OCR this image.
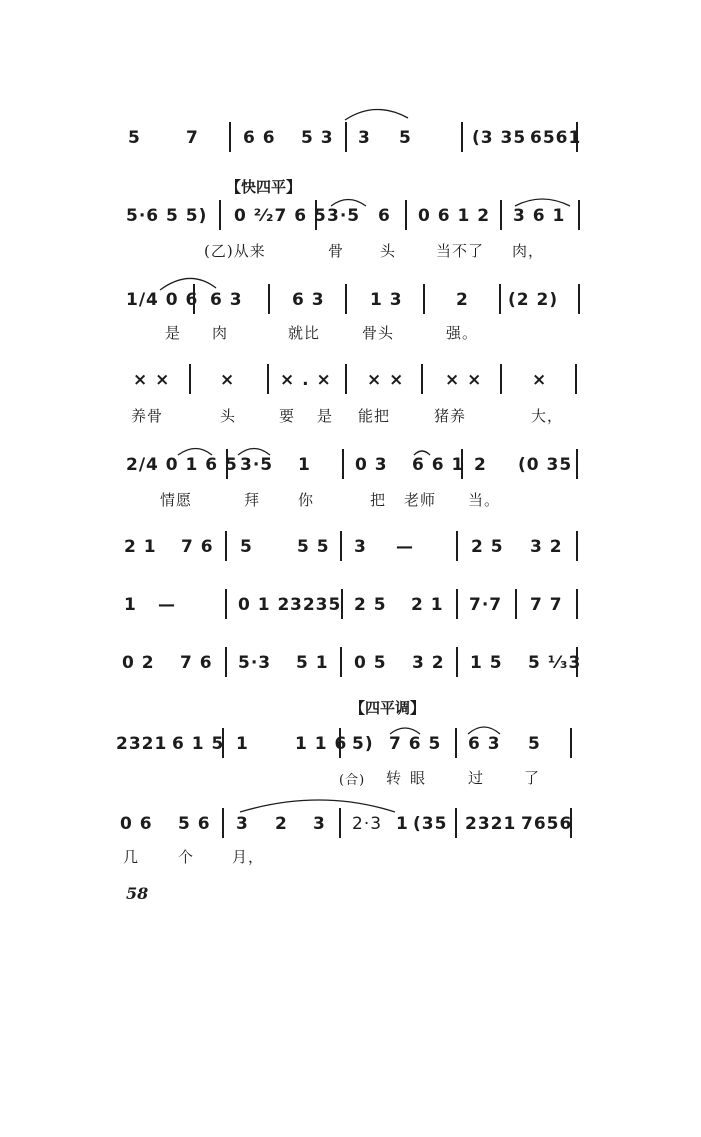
5	7	6 6 5 3 3 5	(3 35 6561
【快四平】
5·6 5 5) 0 ²⁄₂7 6 5 3·5 6 0 6 1 2 3 6 1
(乙)从来	骨 头	当不了 肉，
1/4 0 6 6 3	6 3	1 3	2 (2 2)
是 肉	就比	骨头	强。
× ×	×	× . × × × × ×	×
养骨	头	要 是 能把	猪养	大，
2/4 0 1 6 5 3·5 1	0 3 6 6 1 2 (0 35
情愿	拜	你	把 老师 当。
2 1 7 6 5	5 5 3 —	2 5 3 2
1 —	0 1 2 3235 2 5 2 1 7·7 7 7
0 2 7 6 5·3 5 1 0 5 3 2 1 5 5 ¹⁄₃3
【四平调】
2321 6 1 5 1	1 1 6 5) 7 6 5 6 3 5
(合) 转 眼	过	了
0 6 5 6 3 2 3 2·3 1 (35 2321 7656
几	个	月，
58
